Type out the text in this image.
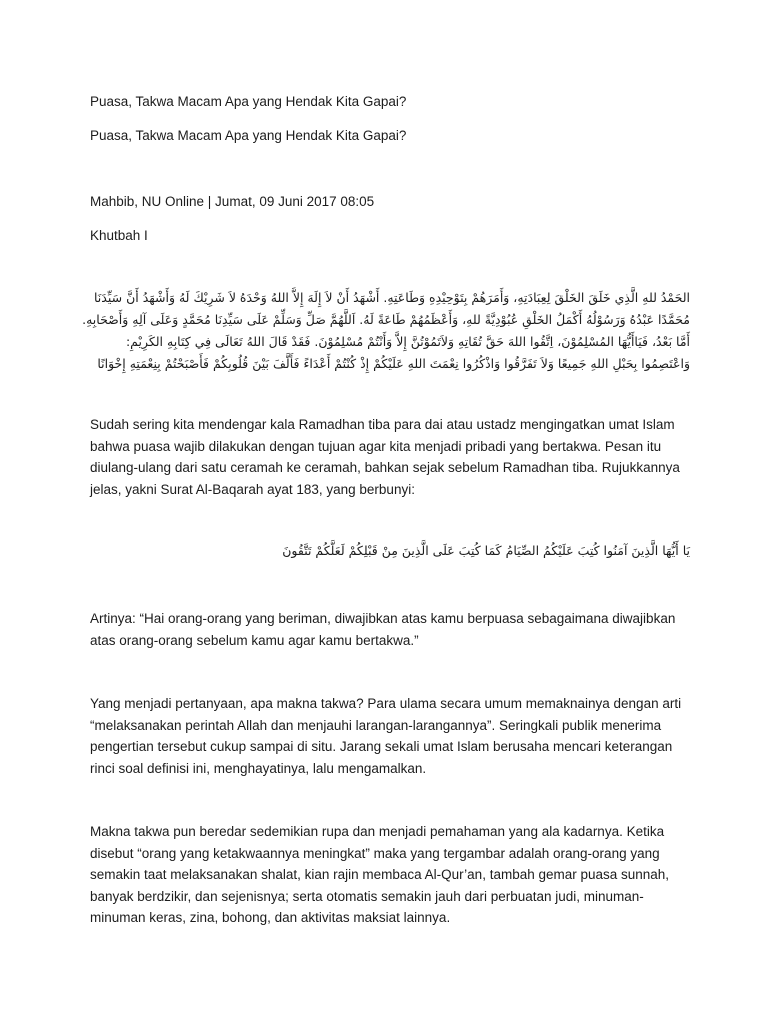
Puasa, Takwa Macam Apa yang Hendak Kita Gapai?

Puasa, Takwa Macam Apa yang Hendak Kita Gapai?

Mahbib, NU Online | Jumat, 09 Juni 2017 08:05

Khutbah I

الحَمْدُ للهِ الَّذِي خَلَقَ الخَلْقَ لِعِبَادَتِهِ، وَأَمَرَهُمْ بِتَوْحِيْدِهِ وَطَاعَتِهِ. أَشْهَدُ أَنْ لاَ إِلَهَ إِلاَّ اللهُ وَحْدَهُ لاَ شَرِيْكَ لَهُ وَأَشْهَدُ أَنَّ سَيِّدَنَا مُحَمَّدًا عَبْدُهُ وَرَسُوْلُهُ أَكْمَلُ الخَلْقِ عُبُوْدِيَّةً للهِ، وَأَعْظَمُهُمْ طَاعَةً لَهُ. اَللَّهُمَّ صَلِّ وَسَلِّمْ عَلَى سَيِّدِنَا مُحَمَّدٍ وَعَلَى آلِهِ وَأَصْحَابِهِ. أَمَّا بَعْدُ، فَيَاأَيُّهَا المُسْلِمُوْنَ، اِتَّقُوا اللهَ حَقَّ تُقَاتِهِ وَلاَتَمُوْتُنَّ إِلاَّ وَأَنْتُمْ مُسْلِمُوْنَ. فَقَدْ قَالَ اللهُ تَعَالَى فِي كِتَابِهِ الكَرِيْمِ: وَاعْتَصِمُوا بِحَبْلِ اللهِ جَمِيعًا وَلاَ تَفَرَّقُوا وَاذْكُرُوا نِعْمَتَ اللهِ عَلَيْكُمْ إِذْ كُنْتُمْ أَعْدَاءً فَأَلَّفَ بَيْنَ قُلُوبِكُمْ فَأَصْبَحْتُمْ بِنِعْمَتِهِ إِخْوَانًا

Sudah sering kita mendengar kala Ramadhan tiba para dai atau ustadz mengingatkan umat Islam bahwa puasa wajib dilakukan dengan tujuan agar kita menjadi pribadi yang bertakwa. Pesan itu diulang-ulang dari satu ceramah ke ceramah, bahkan sejak sebelum Ramadhan tiba. Rujukkannya jelas, yakni Surat Al-Baqarah ayat 183, yang berbunyi:

يَا أَيُّهَا الَّذِينَ آمَنُوا كُتِبَ عَلَيْكُمُ الصِّيَامُ كَمَا كُتِبَ عَلَى الَّذِينَ مِنْ قَبْلِكُمْ لَعَلَّكُمْ تَتَّقُونَ

Artinya: “Hai orang-orang yang beriman, diwajibkan atas kamu berpuasa sebagaimana diwajibkan atas orang-orang sebelum kamu agar kamu bertakwa.”

Yang menjadi pertanyaan, apa makna takwa? Para ulama secara umum memaknainya dengan arti “melaksanakan perintah Allah dan menjauhi larangan-larangannya”. Seringkali publik menerima pengertian tersebut cukup sampai di situ. Jarang sekali umat Islam berusaha mencari keterangan rinci soal definisi ini, menghayatinya, lalu mengamalkan.

Makna takwa pun beredar sedemikian rupa dan menjadi pemahaman yang ala kadarnya. Ketika disebut “orang yang ketakwaannya meningkat” maka yang tergambar adalah orang-orang yang semakin taat melaksanakan shalat, kian rajin membaca Al-Qur’an, tambah gemar puasa sunnah, banyak berdzikir, dan sejenisnya; serta otomatis semakin jauh dari perbuatan judi, minuman-minuman keras, zina, bohong, dan aktivitas maksiat lainnya.
